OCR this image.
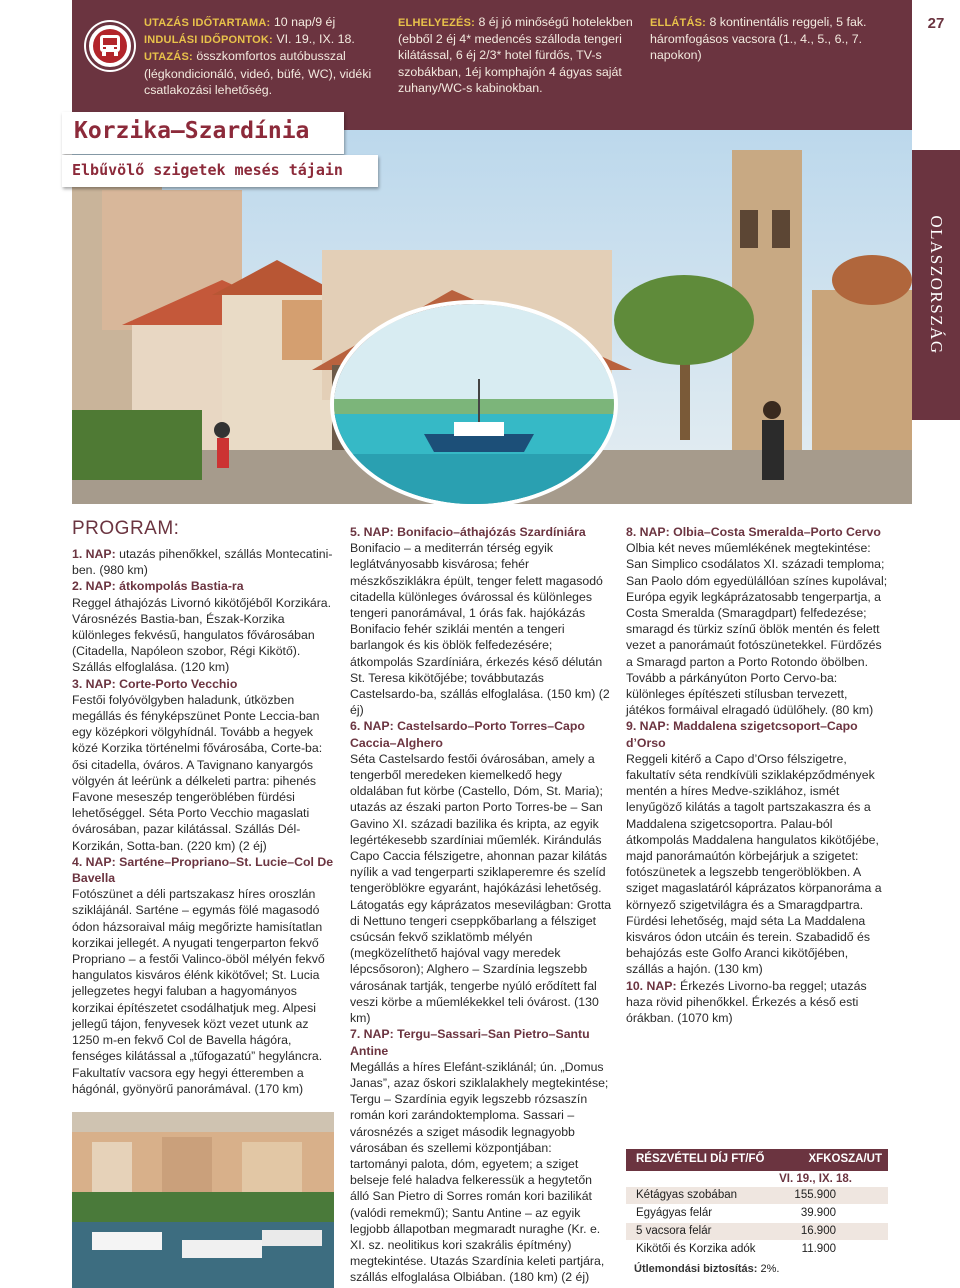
UTAZÁS IDŐTARTAMA: 10 nap/9 éj
INDULÁSI IDŐPONTOK: VI. 19., IX. 18.
UTAZÁS: összkomfortos autóbusszal (légkondicionáló, videó, büfé, WC), vidéki csatlakozási lehetőség.
ELHELYEZÉS: 8 éj jó minőségű hotelekben (ebből 2 éj 4* medencés szálloda tengeri kilátással, 6 éj 2/3* hotel fürdős, TV-s szobákban, 1éj komphajón 4 ágyas saját zuhany/WC-s kabinokban.
ELLÁTÁS: 8 kontinentális reggeli, 5 fak. háromfogásos vacsora (1., 4., 5., 6., 7. napokon)
27
OLASZORSZÁG
Korzika–Szardínia
Elbűvölő szigetek mesés tájain
PROGRAM:

1. NAP: utazás pihenőkkel, szállás Montecatini-ben. (980 km)

2. NAP: átkompolás Bastia-ra
Reggel áthajózás Livornó kikötőjéből Korzikára. Városnézés Bastia-ban, Észak-Korzika különleges fekvésű, hangulatos fővárosában (Citadella, Napóleon szobor, Régi Kikötő). Szállás elfoglalása. (120 km)

3. NAP: Corte-Porto Vecchio
Festői folyóvölgyben haladunk, útközben megállás és fényképszünet Ponte Leccia-ban egy középkori völgyhídnál. Tovább a hegyek közé Korzika történelmi fővárosába, Corte-ba: ősi citadella, óváros. A Tavignano kanyargós völgyén át leérünk a délkeleti partra: pihenés Favone meseszép tengeröblében fürdési lehetőséggel. Séta Porto Vecchio magaslati óvárosában, pazar kilátással. Szállás Dél-Korzikán, Sotta-ban. (220 km) (2 éj)

4. NAP: Sarténe–Propriano–St. Lucie–Col De Bavella
Fotószünet a déli partszakasz híres oroszlán sziklájánál. Sarténe – egymás fölé magasodó ódon házsoraival máig megőrizte hamisítatlan korzikai jellegét. A nyugati tengerparton fekvő Propriano – a festői Valinco-öböl mélyén fekvő hangulatos kisváros élénk kikötővel; St. Lucia jellegzetes hegyi faluban a hagyományos korzikai építészetet csodálhatjuk meg. Alpesi jellegű tájon, fenyvesek közt vezet utunk az 1250 m-en fekvő Col de Bavella hágóra, fenséges kilátással a „tűfogazatú” hegyláncra. Fakultatív vacsora egy hegyi étteremben a hágónál, gyönyörű panorámával. (170 km)

5. NAP: Bonifacio–áthajózás Szardíniára
Bonifacio – a mediterrán térség egyik leglátványosabb kisvárosa; fehér mészkősziklákra épült, tenger felett magasodó citadella különleges óvárossal és különleges tengeri panorámával, 1 órás fak. hajókázás Bonifacio fehér sziklái mentén a tengeri barlangok és kis öblök felfedezésére; átkompolás Szardíniára, érkezés késő délután St. Teresa kikötőjébe; továbbutazás Castelsardo-ba, szállás elfoglalása. (150 km) (2 éj)

6. NAP: Castelsardo–Porto Torres–Capo Caccia–Alghero
Séta Castelsardo festői óvárosában, amely a tengerből meredeken kiemelkedő hegy oldalában fut körbe (Castello, Dóm, St. Maria); utazás az északi parton Porto Torres-be – San Gavino XI. századi bazilika és kripta, az egyik legértékesebb szardíniai műemlék. Kirándulás Capo Caccia félszigetre, ahonnan pazar kilátás nyílik a vad tengerparti sziklaperemre és szelíd tengeröblökre egyaránt, hajókázási lehetőség. Látogatás egy káprázatos mesevilágban: Grotta di Nettuno tengeri cseppkőbarlang a félsziget csúcsán fekvő sziklatömb mélyén (megközelíthető hajóval vagy meredek lépcsősoron); Alghero – Szardínia legszebb városának tartják, tengerbe nyúló erődített fal veszi körbe a műemlékekkel teli óvárost. (130 km)

7. NAP: Tergu–Sassari–San Pietro–Santu Antine
Megállás a híres Elefánt-sziklánál; ún. „Domus Janas”, azaz őskori sziklalakhely megtekintése; Tergu – Szardínia egyik legszebb rózsaszín román kori zarándoktemploma. Sassari – városnézés a sziget második legnagyobb városában és szellemi központjában: tartományi palota, dóm, egyetem; a sziget belseje felé haladva felkeressük a hegytetőn álló San Pietro di Sorres román kori bazilikát (valódi remekmű); Santu Antine – az egyik legjobb állapotban megmaradt nuraghe (Kr. e. XI. sz. neolitikus kori szakrális építmény) megtekintése. Utazás Szardínia keleti partjára, szállás elfoglalása Olbiában. (180 km) (2 éj)

8. NAP: Olbia–Costa Smeralda–Porto Cervo
Olbia két neves műemlékének megtekintése: San Simplico csodálatos XI. századi temploma; San Paolo dóm egyedülállóan színes kupolával; Európa egyik legkáprázatosabb tengerpartja, a Costa Smeralda (Smaragdpart) felfedezése; smaragd és türkiz színű öblök mentén és felett vezet a panorámaút fotószünetekkel. Fürdőzés a Smaragd parton a Porto Rotondo öbölben. Tovább a párkányúton Porto Cervo-ba: különleges építészeti stílusban tervezett, játékos formáival elragadó üdülőhely. (80 km)

9. NAP: Maddalena szigetcsoport–Capo d’Orso
Reggeli kitérő a Capo d’Orso félszigetre, fakultatív séta rendkívüli sziklaképződmények mentén a híres Medve-sziklához, ismét lenyűgöző kilátás a tagolt partszakaszra és a Maddalena szigetcsoportra. Palau-ból átkompolás Maddalena hangulatos kikötőjébe, majd panorámaútón körbejárjuk a szigetet: fotószünetek a legszebb tengeröblökben. A sziget magaslatáról káprázatos körpanoráma a környező szigetvilágra és a Smaragdpartra. Fürdési lehetőség, majd séta La Maddalena kisváros ódon utcáin és terein. Szabadidő és behajózás este Golfo Aranci kikötőjében, szállás a hajón. (130 km)

10. NAP: Érkezés Livorno-ba reggel; utazás haza rövid pihenőkkel. Érkezés a késő esti órákban. (1070 km)

RÉSZVÉTELI DÍJ FT/FŐ	XFKOSZA/UT
VI. 19., IX. 18.
Kétágyas szobában	155.900
Egyágyas felár	39.900
5 vacsora felár	16.900
Kikötői és Korzika adók	11.900
Útlemondási biztosítás: 2%.
